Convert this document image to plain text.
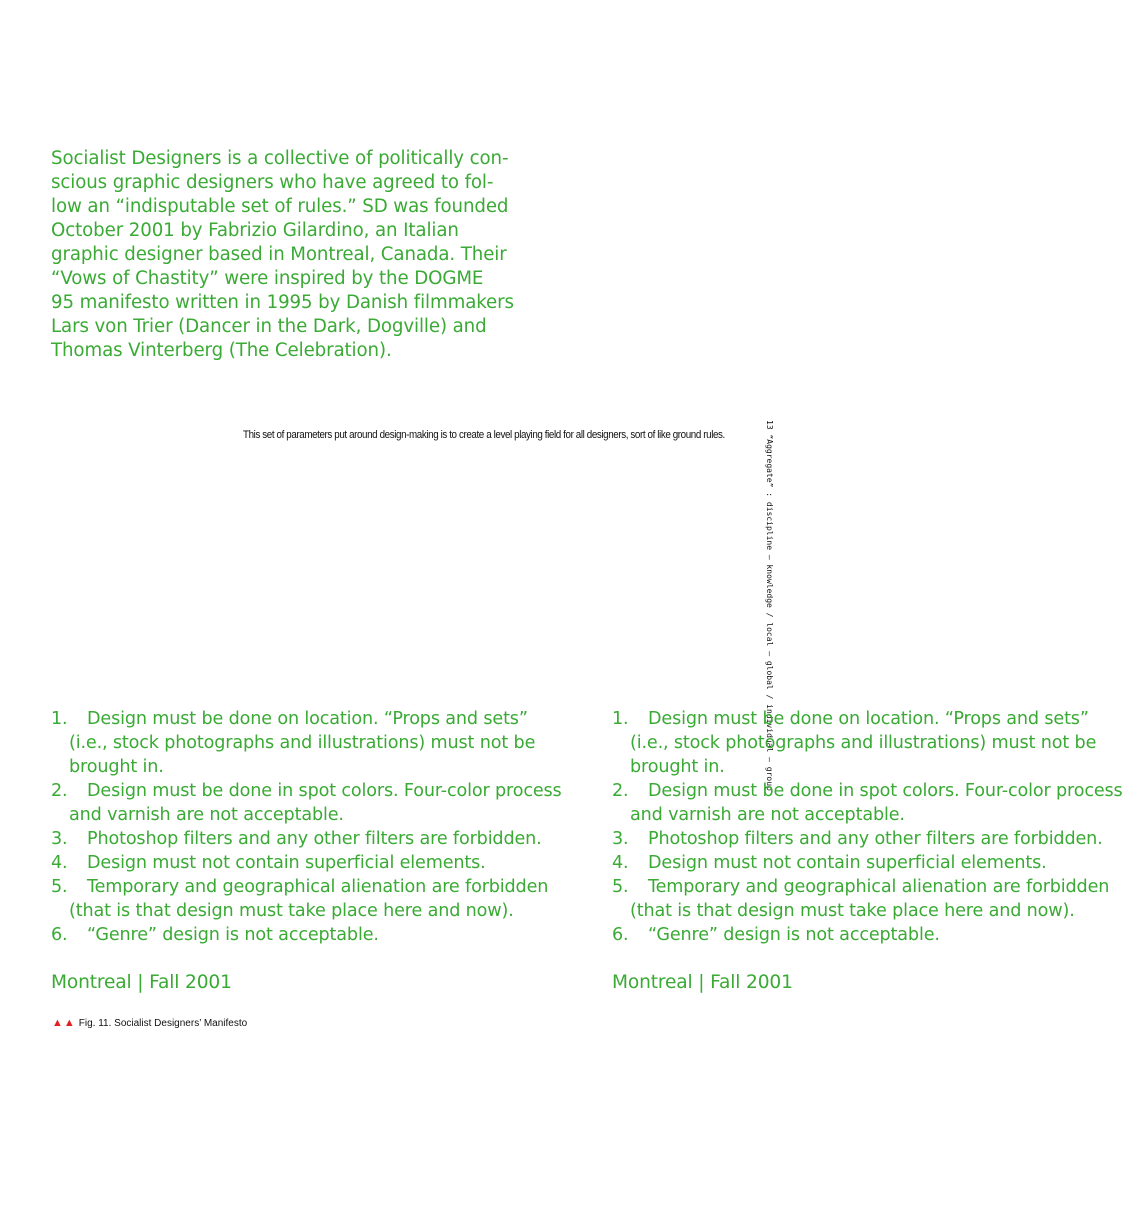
Socialist Designers is a collective of politically con-
scious graphic designers who have agreed to fol-
low an “indisputable set of rules.” SD was founded
October 2001 by Fabrizio Gilardino, an Italian
graphic designer based in Montreal, Canada. Their
“Vows of Chastity” were inspired by the DOGME
95 manifesto written in 1995 by Danish filmmakers
Lars von Trier (Dancer in the Dark, Dogville) and
Thomas Vinterberg (The Celebration).

This set of parameters put around design-making is to create a level playing field for all designers, sort of like ground rules.	13 “Aggregate” : discipline – knowledge / local – global / individual – group
1. Design must be done on location. “Props and sets”
(i.e., stock photographs and illustrations) must not be
brought in.
2. Design must be done in spot colors. Four-color process
and varnish are not acceptable.
3. Photoshop filters and any other filters are forbidden.
4. Design must not contain superficial elements.
5. Temporary and geographical alienation are forbidden
(that is that design must take place here and now).
6. “Genre” design is not acceptable.
Montreal | Fall 2001
1. Design must be done on location. “Props and sets”
(i.e., stock photographs and illustrations) must not be
brought in.
2. Design must be done in spot colors. Four-color process
and varnish are not acceptable.
3. Photoshop filters and any other filters are forbidden.
4. Design must not contain superficial elements.
5. Temporary and geographical alienation are forbidden
(that is that design must take place here and now).
6. “Genre” design is not acceptable.
Montreal | Fall 2001
▲▲ Fig. 11. Socialist Designers’ Manifesto
